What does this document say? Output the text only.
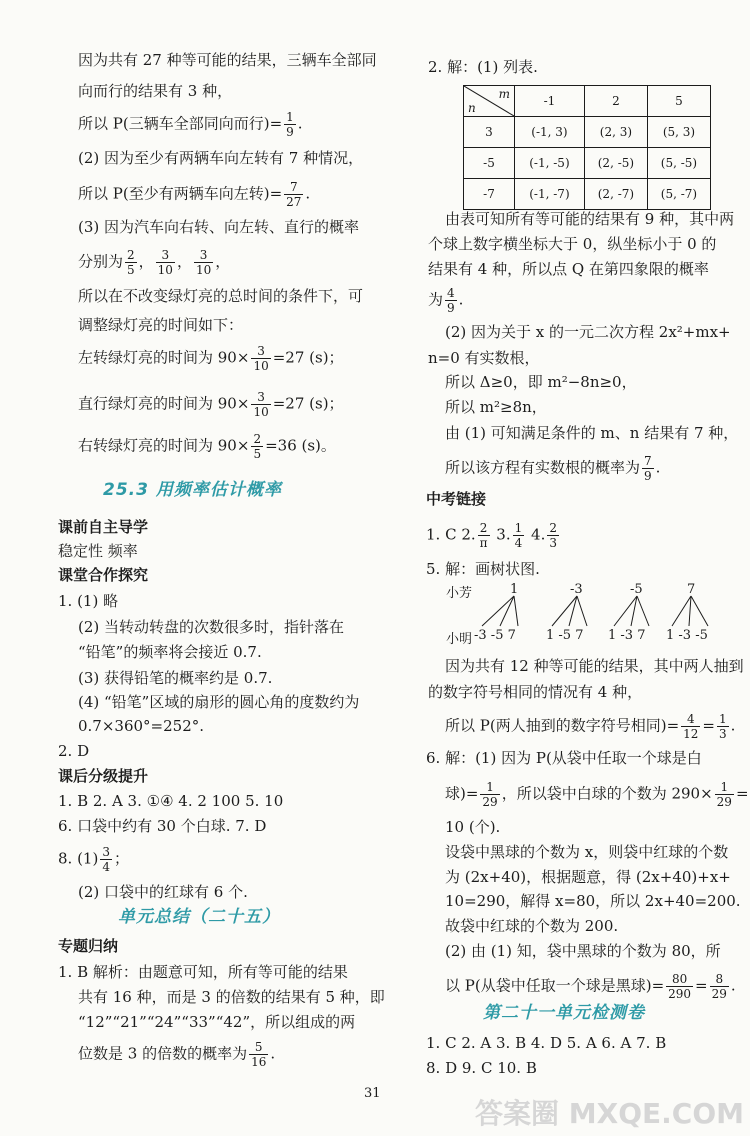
因为共有 27 种等可能的结果，三辆车全部同
向而行的结果有 3 种，
所以 P(三辆车全部同向而行)= $\frac{1}{9}$ .
(2) 因为至少有两辆车向左转有 7 种情况，
所以 P(至少有两辆车向左转)= $\frac{7}{27}$ .
(3) 因为汽车向右转、向左转、直行的概率
分别为 $\frac{2}{5}$ ， $\frac{3}{10}$ ， $\frac{3}{10}$ ，
所以在不改变绿灯亮的总时间的条件下，可
调整绿灯亮的时间如下：
左转绿灯亮的时间为 $90\times \frac{3}{10} =27$ (s)；
直行绿灯亮的时间为 $90\times \frac{3}{10} =27$ (s)；
右转绿灯亮的时间为 $90\times \frac{2}{5} =36$ (s)。
25.3 用频率估计概率
课前自主导学
稳定性 频率
课堂合作探究
1. (1) 略
(2) 当转动转盘的次数很多时，指针落在
“铅笔”的频率将会接近 0.7.
(3) 获得铅笔的概率约是 0.7.
(4) “铅笔”区域的扇形的圆心角的度数约为
0.7×360°=252°.
2. D
课后分级提升
1. B 2. A 3. ①④ 4. 2 100 5. 10
6. 口袋中约有 30 个白球. 7. D
8. $(1) \frac{3}{4}$ ；
(2) 口袋中的红球有 6 个.
单元总结（二十五）
专题归纳
1. B 解析：由题意可知，所有等可能的结果
共有 16 种，而是 3 的倍数的结果有 5 种，即
“12”“21”“24”“33”“42”，所以组成的两
位数是 3 的倍数的概率为 $\frac{5}{16}$ .
2. 解：(1) 列表.
m
n	-1	2	5
3	(-1, 3)	(2, 3)	(5, 3)
-5	(-1, -5)	(2, -5)	(5, -5)
-7	(-1, -7)	(2, -7)	(5, -7)
由表可知所有等可能的结果有 9 种，其中两
个球上数字横坐标大于 0，纵坐标小于 0 的
结果有 4 种，所以点 Q 在第四象限的概率
为 $\frac{4}{9}$ .
(2) 因为关于 x 的一元二次方程 2x²+mx+
n=0 有实数根，
所以 Δ≥0，即 m²−8n≥0，
所以 m²≥8n，
由 (1) 可知满足条件的 m、n 结果有 7 种，
所以该方程有实数根的概率为 $\frac{7}{9}$ .
中考链接
1. C 2. $\frac{2}{\pi} 3$. $\frac{1}{4} 4$. $\frac{2}{3}$
5. 解：画树状图.
小芳
小明
1	-3	-5	7
-3 -5 7 1 -5 7 1 -3 7 1 -3 -5
因为共有 12 种等可能的结果，其中两人抽到
的数字符号相同的情况有 4 种，
所以 P(两人抽到的数字符号相同)= $\frac{4}{12} = \frac{1}{3}$ .
6. 解：(1) 因为 P(从袋中任取一个球是白
球)= $\frac{1}{29}$ ，所以袋中白球的个数为 $290\times \frac{1}{29}$ =
10 (个).
设袋中黑球的个数为 x，则袋中红球的个数
为 (2x+40)，根据题意，得 (2x+40)+x+
10=290，解得 x=80，所以 2x+40=200.
故袋中红球的个数为 200.
(2) 由 (1) 知，袋中黑球的个数为 80，所
以 P(从袋中任取一个球是黑球)= $\frac{80}{290} = \frac{8}{29}$ .
第二十一单元检测卷
1. C 2. A 3. B 4. D 5. A 6. A 7. B
8. D 9. C 10. B
31
答案圈 MXQE.COM
